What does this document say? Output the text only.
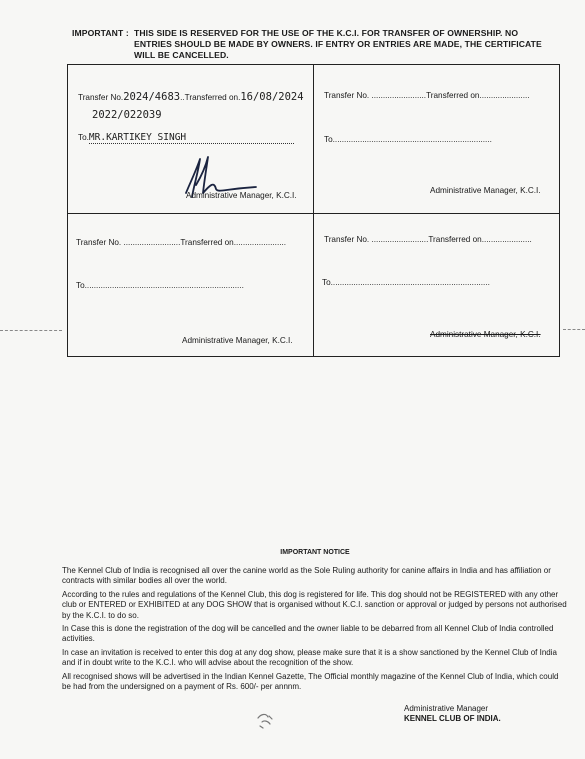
IMPORTANT : THIS SIDE IS RESERVED FOR THE USE OF THE K.C.I. FOR TRANSFER OF OWNERSHIP. NO
ENTRIES SHOULD BE MADE BY OWNERS. IF ENTRY OR ENTRIES ARE MADE, THE CERTIFICATE
WILL BE CANCELLED.
Transfer No.2024/4683..Transferred on.16/08/2024
2022/022039
To.MR.KARTIKEY SINGH
Administrative Manager, K.C.I.
Transfer No. ........................Transferred on......................
To......................................................................
Administrative Manager, K.C.I.
Transfer No. .........................Transferred on.......................
To......................................................................
Administrative Manager, K.C.I.
Transfer No. .........................Transferred on......................
To......................................................................
Administrative Manager, K.C.I.
IMPORTANT NOTICE

The Kennel Club of India is recognised all over the canine world as the Sole Ruling authority for canine affairs in India and has affiliation or contracts with similar bodies all over the world.

According to the rules and regulations of the Kennel Club, this dog is registered for life. This dog should not be REGISTERED with any other club or ENTERED or EXHIBITED at any DOG SHOW that is organised without K.C.I. sanction or approval or judged by persons not authorised by the K.C.I. to do so.

In Case this is done the registration of the dog will be cancelled and the owner liable to be debarred from all Kennel Club of India controlled activities.

In case an invitation is received to enter this dog at any dog show, please make sure that it is a show sanctioned by the Kennel Club of India and if in doubt write to the K.C.I. who will advise about the recognition of the show.

All recognised shows will be advertised in the Indian Kennel Gazette, The Official monthly magazine of the Kennel Club of India, which could be had from the undersigned on a payment of Rs. 600/- per annnm.

Administrative Manager
KENNEL CLUB OF INDIA.
